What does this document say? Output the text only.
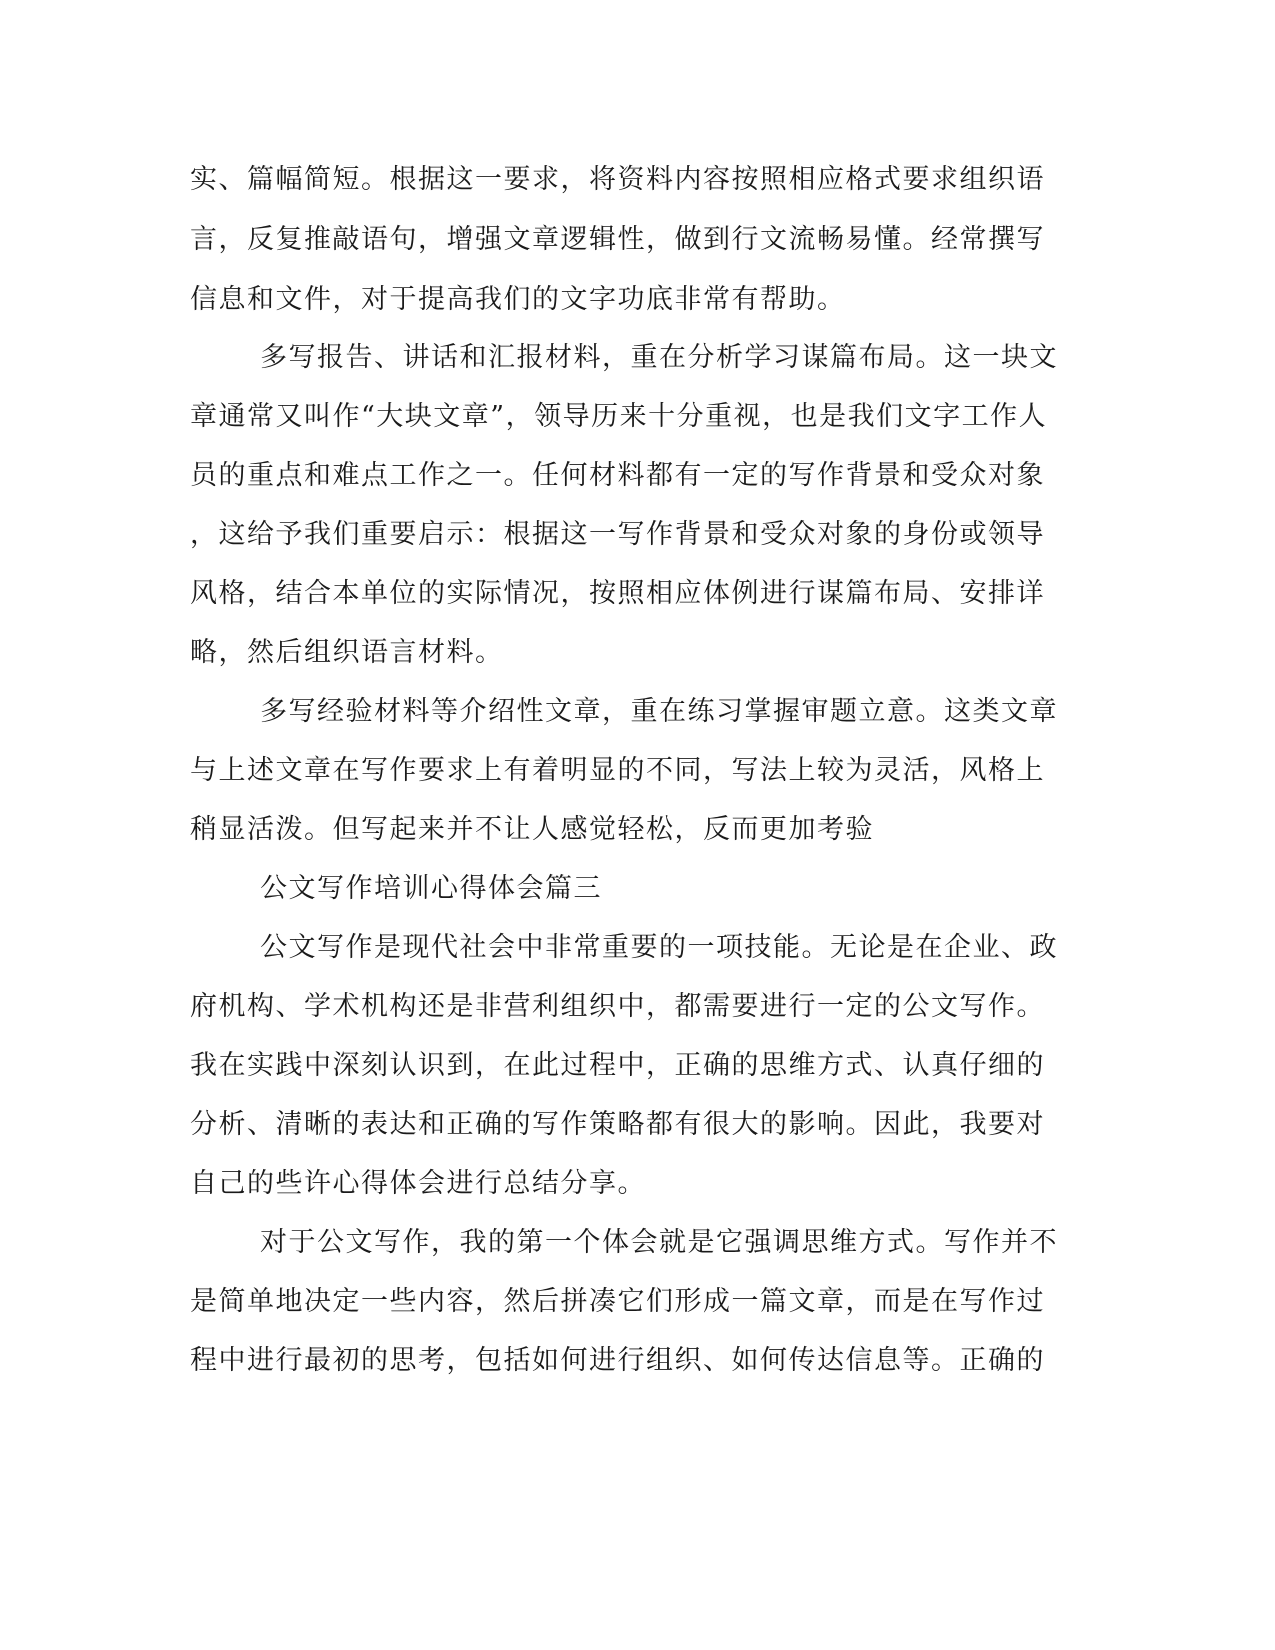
实、篇幅简短。根据这一要求，将资料内容按照相应格式要求组织语
言，反复推敲语句，增强文章逻辑性，做到行文流畅易懂。经常撰写
信息和文件，对于提高我们的文字功底非常有帮助。
多写报告、讲话和汇报材料，重在分析学习谋篇布局。这一块文
章通常又叫作“大块文章”，领导历来十分重视，也是我们文字工作人
员的重点和难点工作之一。任何材料都有一定的写作背景和受众对象
，这给予我们重要启示：根据这一写作背景和受众对象的身份或领导
风格，结合本单位的实际情况，按照相应体例进行谋篇布局、安排详
略，然后组织语言材料。
多写经验材料等介绍性文章，重在练习掌握审题立意。这类文章
与上述文章在写作要求上有着明显的不同，写法上较为灵活，风格上
稍显活泼。但写起来并不让人感觉轻松，反而更加考验
公文写作培训心得体会篇三
公文写作是现代社会中非常重要的一项技能。无论是在企业、政
府机构、学术机构还是非营利组织中，都需要进行一定的公文写作。
我在实践中深刻认识到，在此过程中，正确的思维方式、认真仔细的
分析、清晰的表达和正确的写作策略都有很大的影响。因此，我要对
自己的些许心得体会进行总结分享。
对于公文写作，我的第一个体会就是它强调思维方式。写作并不
是简单地决定一些内容，然后拼凑它们形成一篇文章，而是在写作过
程中进行最初的思考，包括如何进行组织、如何传达信息等。正确的
